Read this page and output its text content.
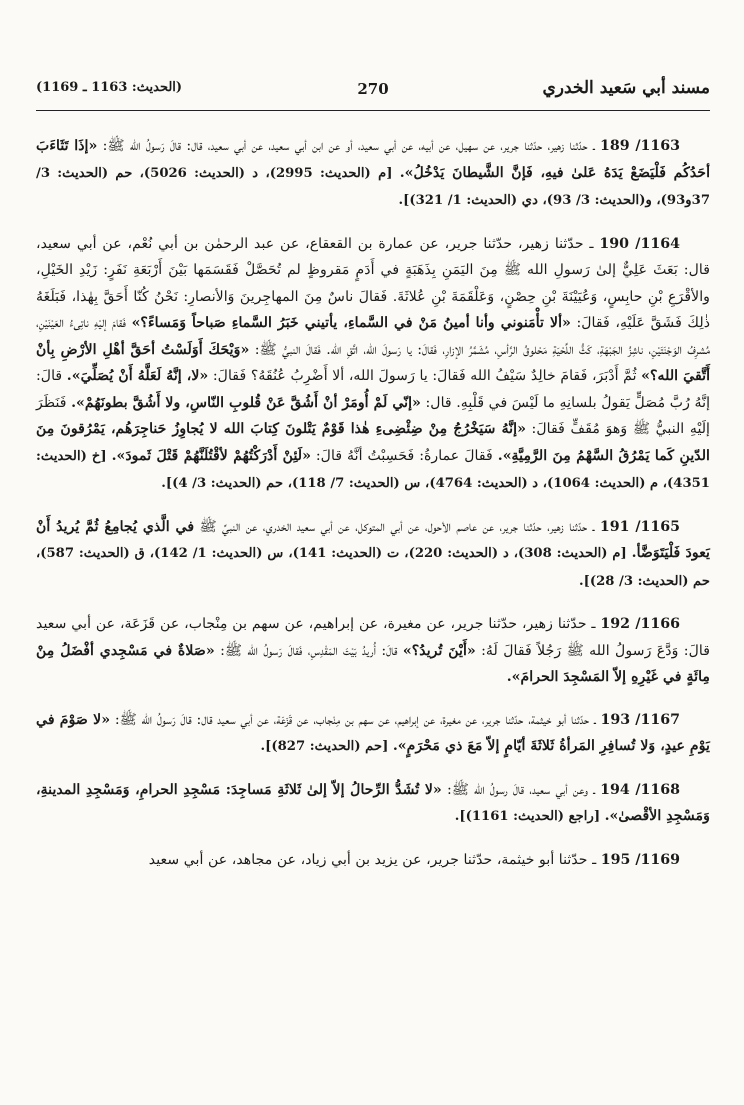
مسند أبي سَعيد الخدري
270
(الحديث: 1163 ـ 1169)

1163/ 189 ـ حدّثنا زهير، حدّثنا جرير، عن سهيل، عن أبيه، عن أبي سعيد، أو عن ابن أبي سعيد، عن أبي سعيد، قال: قالَ رَسولُ الله ﷺ: «إذَا تَثَاءَبَ أحَدُكُم فَلْيَضَعْ يَدَهُ عَلىٰ فيهِ، فَإنَّ الشَّيطانَ يَدْخُلُ». [م (الحديث: 2995)، د (الحديث: 5026)، حم (الحديث: 3/ 37و93)، و(الحديث: 3/ 93)، دي (الحديث: 1/ 321)].

1164/ 190 ـ حدّثنا زهير، حدّثنا جرير، عن عمارة بن القعقاع، عن عبد الرحمٰن بن أبي نُعْم، عن أبي سعيد، قال: بَعَثَ عَلِيٌّ إلىٰ رَسولِ الله ﷺ مِنَ اليَمَنِ بِذَهَبَةٍ في أَدَمٍ مَقروظٍ لم تُحَصَّلْ فَقَسَمَها بَيْنَ أَرْبَعَةِ نَفَرٍ: زَيْدِ الخَيْلِ، والأقْرَعِ بْنِ حابِسٍ، وَعُيَيْنَةَ بْنِ حِصْنٍ، وَعَلْقَمَةَ بْنِ عُلاثَةَ. فَقالَ ناسٌ مِنَ المهاجِرينَ وَالأنصارِ: نَحْنُ كُنّا أَحَقَّ بِهٰذا، فَبَلَغَهُ ذٰلِكَ فَشَقَّ عَلَيْهِ، فَقالَ: «ألا تأْمَنوني وأنا أمينُ مَنْ في السَّماءِ، يأتيني خَبَرُ السَّماءِ صَباحاً وَمَساءً؟» فَقامَ إليْهِ ناتِىءُ العَيْنَيْنِ، مُشرِفُ الوَجْنَتَيْنِ، ناشِزُ الجَبْهَةِ، كَثُّ اللِّحْيَةِ مَحْلوقُ الرَّأسِ، مُشَمَّرُ الإزارِ، فَقالَ: يا رَسولَ الله، اتَّقِ الله. فَقالَ النبيُّ ﷺ: «وَيْحَكَ أَوَلَسْتُ أحَقَّ أهْلِ الأرْضِ بِأنْ أَتَّقيَ الله؟» ثُمَّ أَدْبَرَ، فَقامَ خالِدٌ سَيْفُ الله فَقالَ: يا رَسولَ الله، ألا أَضْرِبُ عُنُقَهُ؟ فَقالَ: «لا، إنَّهُ لَعَلَّهُ أَنْ يُصَلِّيَ». قالَ: إنَّهُ رُبَّ مُصَلٍّ يَقولُ بلسانِهِ ما لَيْسَ في قَلْبِهِ. قال: «إنّي لَمْ أُومَرْ أنْ أَشُقَّ عَنْ قُلوبِ النّاسِ، ولا أَشُقَّ بطونَهُمْ». فَنَظَرَ إلَيْهِ النبيُّ ﷺ وَهوَ مُقَفٍّ فَقالَ: «إنَّهُ سَيَخْرُجُ مِنْ ضِئْضِىءِ هٰذا قَوْمٌ يَتْلونَ كِتابَ الله لا يُجاوِزُ حَناجِرَهُم، يَمْرُقونَ مِنَ الدّينِ كَما يَمْرُقُ السَّهْمُ مِنَ الرَّمِيَّةِ». فَقالَ عمارةُ: فَحَسِبْتُ أنَّهُ قالَ: «لَئِنْ أَدْرَكْتُهُمْ لأقْتُلَنَّهُمْ قَتْلَ ثَمودَ». [خ (الحديث: 4351)، م (الحديث: 1064)، د (الحديث: 4764)، س (الحديث: 7/ 118)، حم (الحديث: 3/ 4)].

1165/ 191 ـ حدّثنا زهير، حدّثنا جرير، عن عاصم الأحول، عن أبي المتوكل، عن أبي سعيد الخدري، عن النبيِّ ﷺ في الَّذي يُجامِعُ ثُمَّ يُريدُ أَنْ يَعودَ فَلْيَتَوَضَّأ. [م (الحديث: 308)، د (الحديث: 220)، ت (الحديث: 141)، س (الحديث: 1/ 142)، ق (الحديث: 587)، حم (الحديث: 3/ 28)].

1166/ 192 ـ حدّثنا زهير، حدّثنا جرير، عن مغيرة، عن إبراهيم، عن سهم بن مِنْجاب، عن قَزَعَة، عن أبي سعيد قالَ: وَدَّعَ رَسولُ الله ﷺ رَجُلاً فَقالَ لَهُ: «أَيْنَ تُريدُ؟» قالَ: أُريدُ بَيْتَ المَقْدِسِ، فَقالَ رَسولُ الله ﷺ: «صَلاةٌ في مَسْجِدي أفْضَلُ مِنْ مِائَةٍ في غَيْرِهِ إلاّ المَسْجِدَ الحرامَ».

1167/ 193 ـ حدّثنا أبو خيثمة، حدّثنا جرير، عن مغيرة، عن إبراهيم، عن سهم بن مِنْجاب، عن قَزَعَة، عن أبي سعيد قال: قالَ رَسولُ الله ﷺ: «لا صَوْمَ في يَوْمِ عيدٍ، وَلا تُسافِرِ المَرأةُ ثَلاثَةَ أيّامٍ إلاّ مَعَ ذي مَحْرَمٍ». [حم (الحديث: 827)].

1168/ 194 ـ وعن أبي سعيد، قالَ رسولُ الله ﷺ: «لا تُشَدُّ الرِّحالُ إلاّ إلىٰ ثَلاثَةِ مَساجِدَ: مَسْجِدِ الحرامِ، وَمَسْجِدِ المدينةِ، وَمَسْجِدِ الأقْصىٰ». [راجع (الحديث: 1161)].

1169/ 195 ـ حدّثنا أبو خيثمة، حدّثنا جرير، عن يزيد بن أبي زياد، عن مجاهد، عن أبي سعيد
